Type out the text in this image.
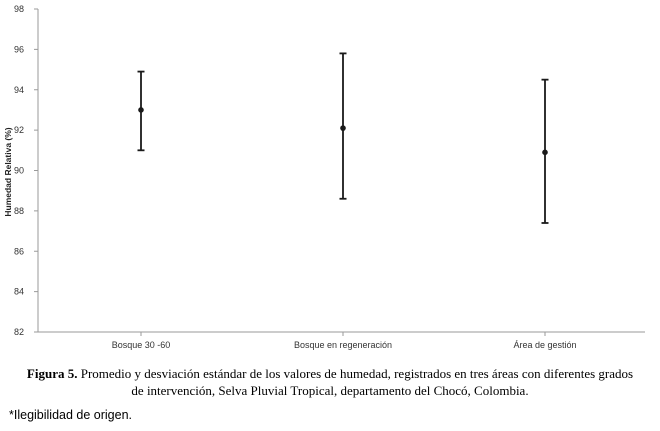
82
84
86
88
90
92
94
96
98
Bosque 30 -60	Bosque en regeneración	Área de gestión
Humedad Relativa (%)
Figura 5. Promedio y desviación estándar de los valores de humedad, registrados en tres áreas con diferentes grados
de intervención, Selva Pluvial Tropical, departamento del Chocó, Colombia.
*Ilegibilidad de origen.
